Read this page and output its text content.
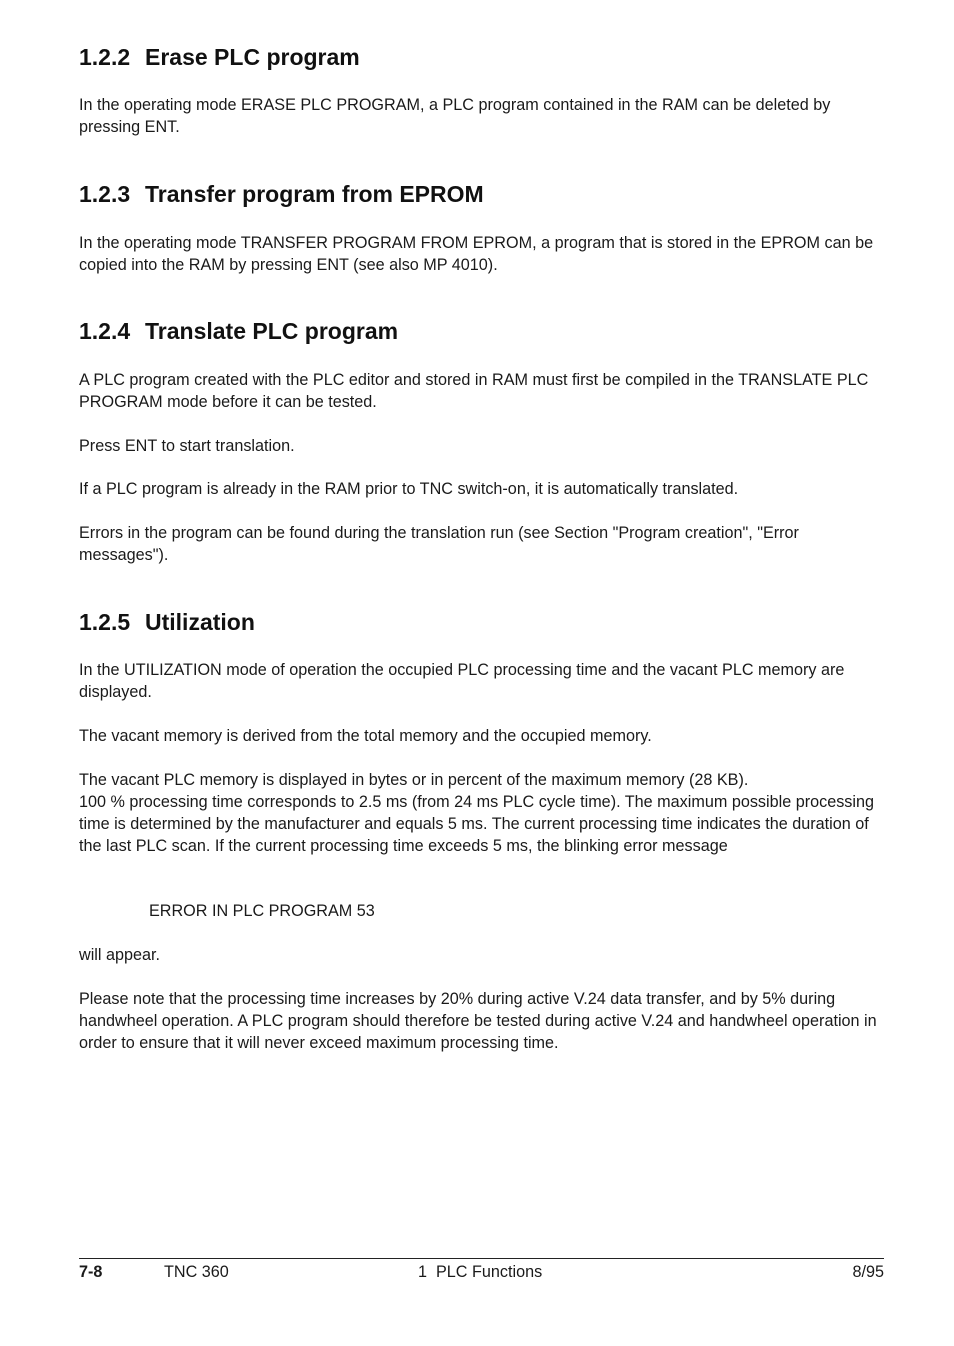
1.2.2 Erase PLC program

In the operating mode ERASE PLC PROGRAM, a PLC program contained in the RAM can be deleted by pressing ENT.

1.2.3 Transfer program from EPROM

In the operating mode TRANSFER PROGRAM FROM EPROM, a program that is stored in the EPROM can be copied into the RAM by pressing ENT (see also MP 4010).

1.2.4 Translate PLC program

A PLC program created with the PLC editor and stored in RAM must first be compiled in the TRANSLATE PLC PROGRAM mode before it can be tested.

Press ENT to start translation.

If a PLC program is already in the RAM prior to TNC switch-on, it is automatically translated.

Errors in the program can be found during the translation run (see Section "Program creation", "Error messages").

1.2.5 Utilization

In the UTILIZATION mode of operation the occupied PLC processing time and the vacant PLC memory are displayed.

The vacant memory is derived from the total memory and the occupied memory.

The vacant PLC memory is displayed in bytes or in percent of the maximum memory (28 KB).

100 % processing time corresponds to 2.5 ms (from 24 ms PLC cycle time). The maximum possible processing time is determined by the manufacturer and equals 5 ms. The current processing time indicates the duration of the last PLC scan. If the current processing time exceeds 5 ms, the blinking error message

ERROR IN PLC PROGRAM 53

will appear.

Please note that the processing time increases by 20% during active V.24 data transfer, and by 5% during handwheel operation. A PLC program should therefore be tested during active V.24 and handwheel operation in order to ensure that it will never exceed maximum processing time.

7-8	TNC 360	1  PLC Functions	8/95
